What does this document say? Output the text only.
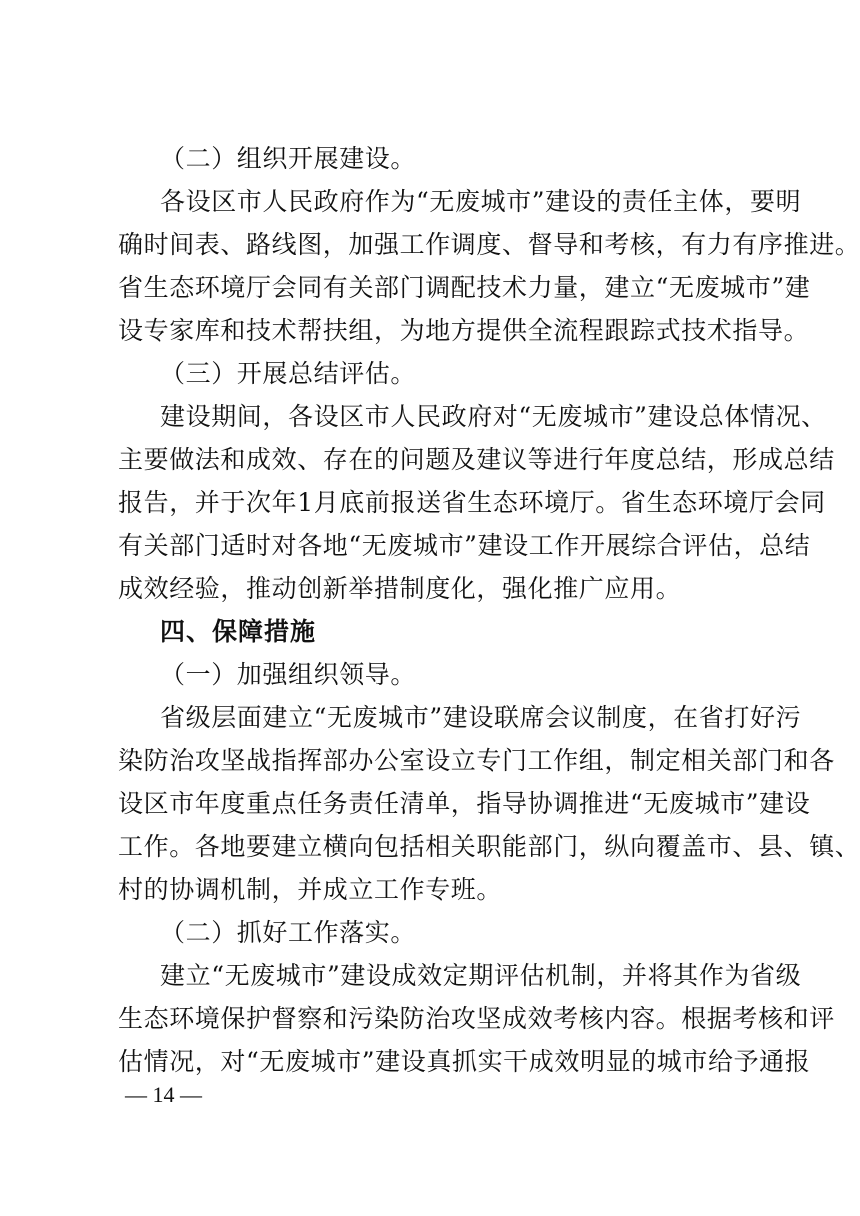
（二）组织开展建设。
各设区市人民政府作为“无废城市”建设的责任主体，要明
确时间表、路线图，加强工作调度、督导和考核，有力有序推进。
省生态环境厅会同有关部门调配技术力量，建立“无废城市”建
设专家库和技术帮扶组，为地方提供全流程跟踪式技术指导。
（三）开展总结评估。
建设期间，各设区市人民政府对“无废城市”建设总体情况、
主要做法和成效、存在的问题及建议等进行年度总结，形成总结
报告，并于次年1月底前报送省生态环境厅。省生态环境厅会同
有关部门适时对各地“无废城市”建设工作开展综合评估，总结
成效经验，推动创新举措制度化，强化推广应用。
四、保障措施
（一）加强组织领导。
省级层面建立“无废城市”建设联席会议制度，在省打好污
染防治攻坚战指挥部办公室设立专门工作组，制定相关部门和各
设区市年度重点任务责任清单，指导协调推进“无废城市”建设
工作。各地要建立横向包括相关职能部门，纵向覆盖市、县、镇、
村的协调机制，并成立工作专班。
（二）抓好工作落实。
建立“无废城市”建设成效定期评估机制，并将其作为省级
生态环境保护督察和污染防治攻坚成效考核内容。根据考核和评
估情况，对“无废城市”建设真抓实干成效明显的城市给予通报
— 14 —
